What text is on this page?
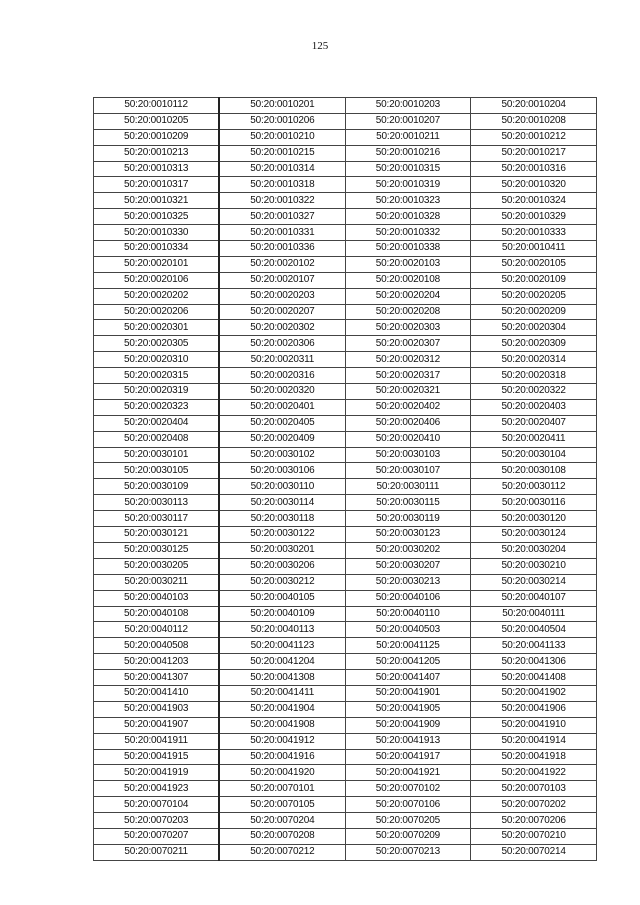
125
50:20:0010112	50:20:0010201	50:20:0010203	50:20:0010204
50:20:0010205	50:20:0010206	50:20:0010207	50:20:0010208
50:20:0010209	50:20:0010210	50:20:0010211	50:20:0010212
50:20:0010213	50:20:0010215	50:20:0010216	50:20:0010217
50:20:0010313	50:20:0010314	50:20:0010315	50:20:0010316
50:20:0010317	50:20:0010318	50:20:0010319	50:20:0010320
50:20:0010321	50:20:0010322	50:20:0010323	50:20:0010324
50:20:0010325	50:20:0010327	50:20:0010328	50:20:0010329
50:20:0010330	50:20:0010331	50:20:0010332	50:20:0010333
50:20:0010334	50:20:0010336	50:20:0010338	50:20:0010411
50:20:0020101	50:20:0020102	50:20:0020103	50:20:0020105
50:20:0020106	50:20:0020107	50:20:0020108	50:20:0020109
50:20:0020202	50:20:0020203	50:20:0020204	50:20:0020205
50:20:0020206	50:20:0020207	50:20:0020208	50:20:0020209
50:20:0020301	50:20:0020302	50:20:0020303	50:20:0020304
50:20:0020305	50:20:0020306	50:20:0020307	50:20:0020309
50:20:0020310	50:20:0020311	50:20:0020312	50:20:0020314
50:20:0020315	50:20:0020316	50:20:0020317	50:20:0020318
50:20:0020319	50:20:0020320	50:20:0020321	50:20:0020322
50:20:0020323	50:20:0020401	50:20:0020402	50:20:0020403
50:20:0020404	50:20:0020405	50:20:0020406	50:20:0020407
50:20:0020408	50:20:0020409	50:20:0020410	50:20:0020411
50:20:0030101	50:20:0030102	50:20:0030103	50:20:0030104
50:20:0030105	50:20:0030106	50:20:0030107	50:20:0030108
50:20:0030109	50:20:0030110	50:20:0030111	50:20:0030112
50:20:0030113	50:20:0030114	50:20:0030115	50:20:0030116
50:20:0030117	50:20:0030118	50:20:0030119	50:20:0030120
50:20:0030121	50:20:0030122	50:20:0030123	50:20:0030124
50:20:0030125	50:20:0030201	50:20:0030202	50:20:0030204
50:20:0030205	50:20:0030206	50:20:0030207	50:20:0030210
50:20:0030211	50:20:0030212	50:20:0030213	50:20:0030214
50:20:0040103	50:20:0040105	50:20:0040106	50:20:0040107
50:20:0040108	50:20:0040109	50:20:0040110	50:20:0040111
50:20:0040112	50:20:0040113	50:20:0040503	50:20:0040504
50:20:0040508	50:20:0041123	50:20:0041125	50:20:0041133
50:20:0041203	50:20:0041204	50:20:0041205	50:20:0041306
50:20:0041307	50:20:0041308	50:20:0041407	50:20:0041408
50:20:0041410	50:20:0041411	50:20:0041901	50:20:0041902
50:20:0041903	50:20:0041904	50:20:0041905	50:20:0041906
50:20:0041907	50:20:0041908	50:20:0041909	50:20:0041910
50:20:0041911	50:20:0041912	50:20:0041913	50:20:0041914
50:20:0041915	50:20:0041916	50:20:0041917	50:20:0041918
50:20:0041919	50:20:0041920	50:20:0041921	50:20:0041922
50:20:0041923	50:20:0070101	50:20:0070102	50:20:0070103
50:20:0070104	50:20:0070105	50:20:0070106	50:20:0070202
50:20:0070203	50:20:0070204	50:20:0070205	50:20:0070206
50:20:0070207	50:20:0070208	50:20:0070209	50:20:0070210
50:20:0070211	50:20:0070212	50:20:0070213	50:20:0070214
